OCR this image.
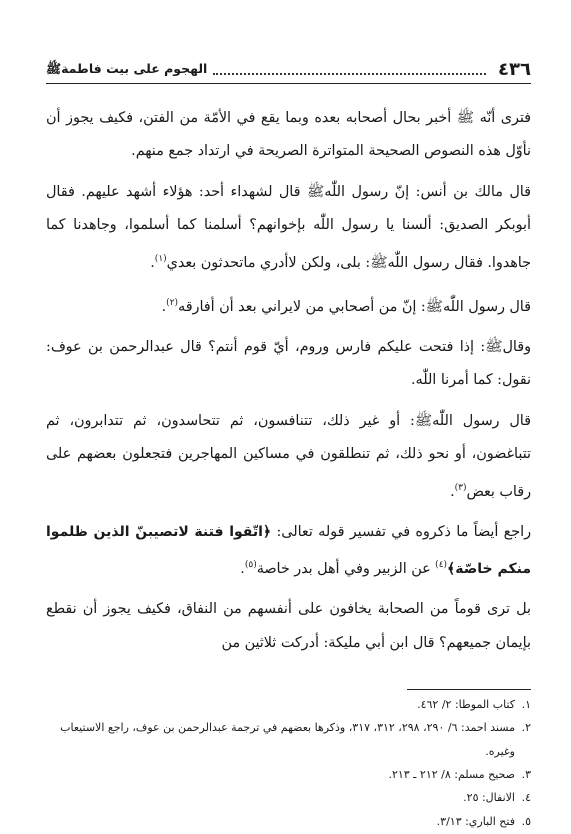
٤٣٦
الهجوم على بيت فاطمةﷺ

فترى أنّه ﷺ أخبر بحال أصحابه بعده وبما يقع في الأمّة من الفتن، فكيف يجوز أن نأوّل هذه النصوص الصحيحة المتواترة الصريحة في ارتداد جمع منهم.

قال مالك بن أنس: إنّ رسول اللّٰهﷺ قال لشهداء أحد: هؤلاء أشهد عليهم. فقال أبوبكر الصديق: ألسنا يا رسول اللّٰه بإخوانهم؟ أسلمنا كما أسلموا، وجاهدنا كما جاهدوا. فقال رسول اللّٰهﷺ: بلى، ولكن لاأدري ماتحدثون بعدي$^{(١)}$.

قال رسول اللّٰهﷺ: إنّ من أصحابي من لايراني بعد أن أفارقه$^{(٢)}$.

وقالﷺ: إذا فتحت عليكم فارس وروم، أيّ قوم أنتم؟ قال عبدالرحمن بن عوف: نقول: كما أمرنا اللّٰه.

قال رسول اللّٰهﷺ: أو غير ذلك، تتنافسون، ثم تتحاسدون، ثم تتدابرون، ثم تتباغضون، أو نحو ذلك، ثم تنطلقون في مساكين المهاجرين فتجعلون بعضهم على رقاب بعض$^{(٣)}$.

راجع أيضاً ما ذكروه في تفسير قوله تعالى: ﴿اتّقوا فتنة لاتصيبنّ الذين ظلموا منكم خاصّة﴾$^{(٤)}$ عن الزبير وفي أهل بدر خاصة$^{(٥)}$.

بل ترى قوماً من الصحابة يخافون على أنفسهم من النفاق، فكيف يجوز أن نقطع بإيمان جميعهم؟ قال ابن أبي مليكة: أدركت ثلاثين من

١.
كتاب الموطا: ٢/ ٤٦٢.
٢.
مسند احمد: ٦/ ٢٩٠، ٢٩٨، ٣١٢، ٣١٧، وذكرها بعضهم في ترجمة عبدالرحمن بن عوف، راجع الاستيعاب وغيره.
٣.
صحيح مسلم: ٨/ ٢١٢ ـ ٢١٣.
٤.
الانفال: ٢٥.
٥.
فتح الباري: ٣/١٣.
